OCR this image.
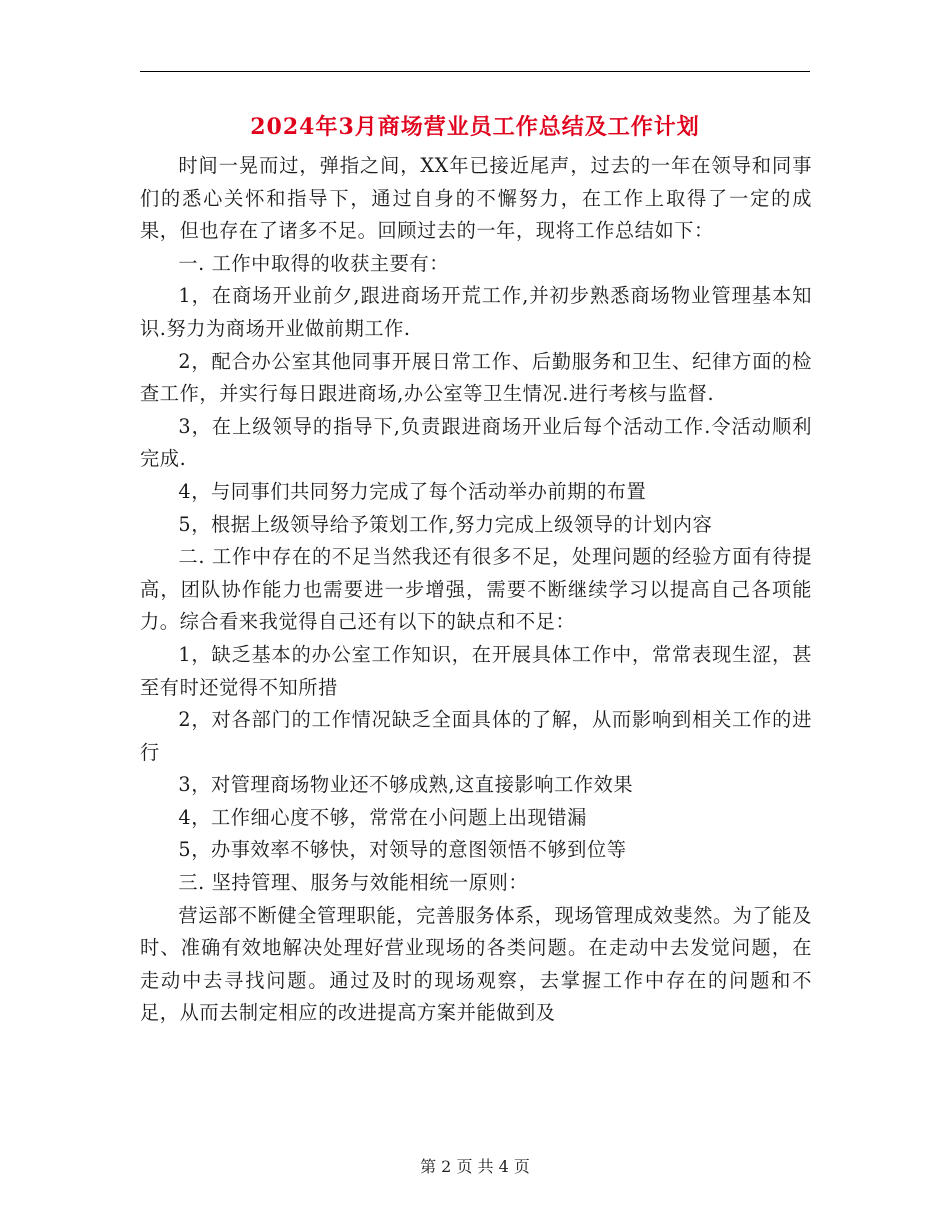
2024年3月商场营业员工作总结及工作计划

时间一晃而过，弹指之间，XX年已接近尾声，过去的一年在领导和同事们的悉心关怀和指导下，通过自身的不懈努力，在工作上取得了一定的成果，但也存在了诸多不足。回顾过去的一年，现将工作总结如下：

一. 工作中取得的收获主要有：

1，在商场开业前夕,跟进商场开荒工作,并初步熟悉商场物业管理基本知识.努力为商场开业做前期工作.

2，配合办公室其他同事开展日常工作、后勤服务和卫生、纪律方面的检查工作，并实行每日跟进商场,办公室等卫生情况.进行考核与监督.

3，在上级领导的指导下,负责跟进商场开业后每个活动工作.令活动顺利完成.

4，与同事们共同努力完成了每个活动举办前期的布置

5，根据上级领导给予策划工作,努力完成上级领导的计划内容

二. 工作中存在的不足当然我还有很多不足，处理问题的经验方面有待提高，团队协作能力也需要进一步增强，需要不断继续学习以提高自己各项能力。综合看来我觉得自己还有以下的缺点和不足：

1，缺乏基本的办公室工作知识，在开展具体工作中，常常表现生涩，甚至有时还觉得不知所措

2，对各部门的工作情况缺乏全面具体的了解，从而影响到相关工作的进行

3，对管理商场物业还不够成熟,这直接影响工作效果

4，工作细心度不够，常常在小问题上出现错漏

5，办事效率不够快，对领导的意图领悟不够到位等

三. 坚持管理、服务与效能相统一原则：

营运部不断健全管理职能，完善服务体系，现场管理成效斐然。为了能及时、准确有效地解决处理好营业现场的各类问题。在走动中去发觉问题，在走动中去寻找问题。通过及时的现场观察，去掌握工作中存在的问题和不足，从而去制定相应的改进提高方案并能做到及

第 2 页 共 4 页
